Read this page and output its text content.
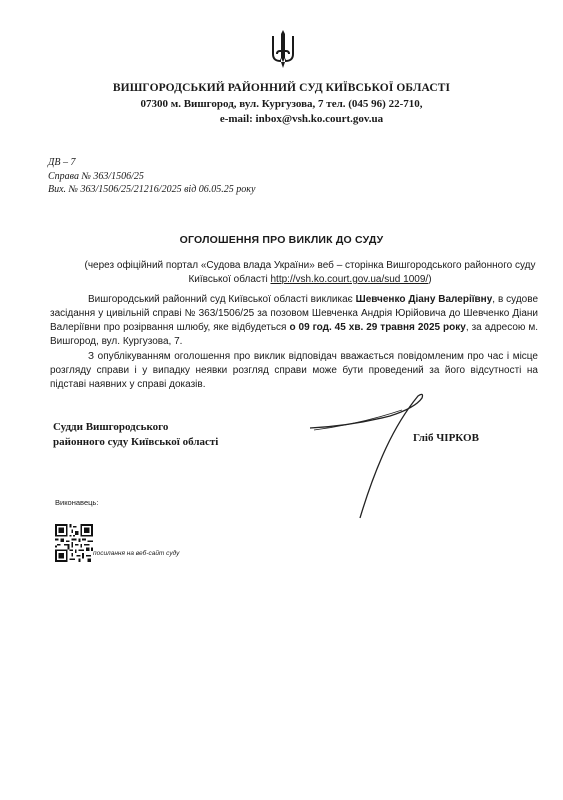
ВИШГОРОДСЬКИЙ РАЙОННИЙ СУД КИЇВСЬКОЇ ОБЛАСТІ
07300 м. Вишгород, вул. Кургузова, 7 тел. (045 96) 22-710,
e-mail: inbox@vsh.ko.court.gov.ua
ДВ – 7
Справа № 363/1506/25
Вих. № 363/1506/25/21216/2025 від 06.05.25 року
ОГОЛОШЕННЯ ПРО ВИКЛИК ДО СУДУ
(через офіційний портал «Судова влада України» веб – сторінка Вишгородського районного суду Київської області http://vsh.ko.court.gov.ua/sud 1009/)

Вишгородський районний суд Київської області викликає Шевченко Діану Валеріївну, в судове засідання у цивільній справі № 363/1506/25 за позовом Шевченка Андрія Юрійовича до Шевченко Діани Валеріївни про розірвання шлюбу, яке відбудеться о 09 год. 45 хв. 29 травня 2025 року, за адресою м. Вишгород, вул. Кургузова, 7.

З опублікуванням оголошення про виклик відповідач вважається повідомленим про час і місце розгляду справи і у випадку неявки розгляд справи може бути проведений за його відсутності на підставі наявних у справі доказів.

Судди Вишгородського
районного суду Київської області	Гліб ЧІРКОВ
Виконавець:
посилання на веб-сайт суду
